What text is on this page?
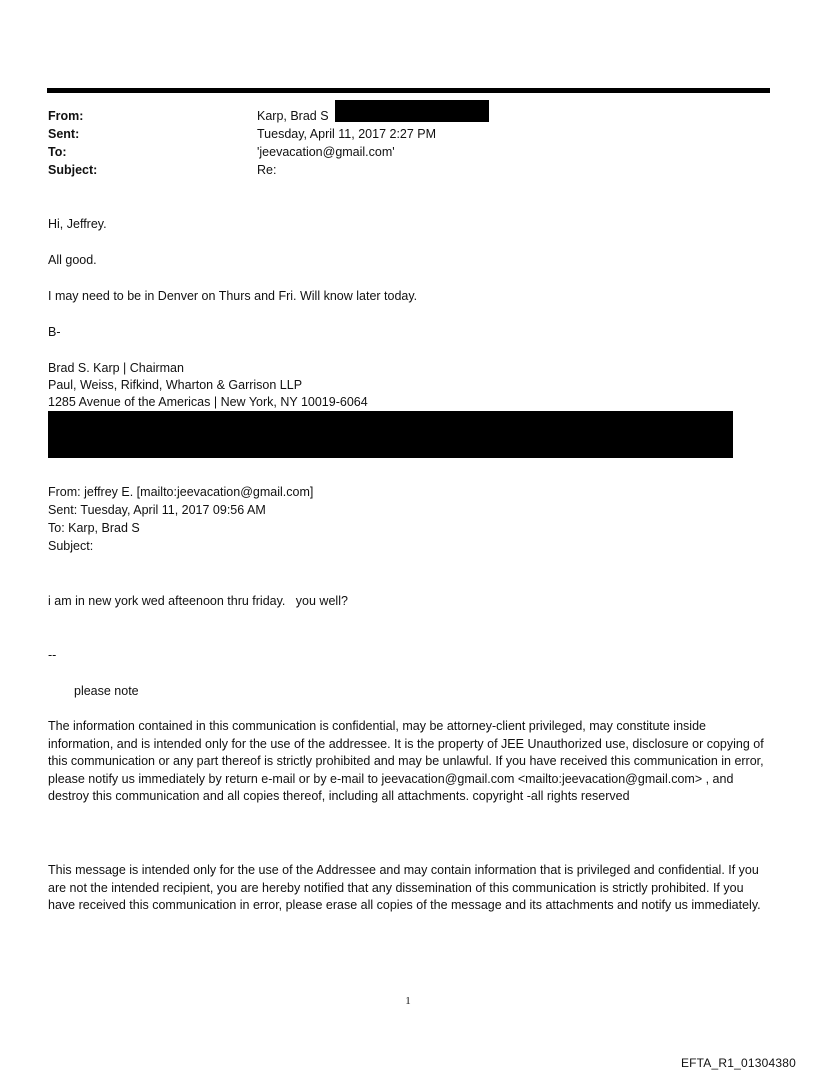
From:	Karp, Brad S
Sent:	Tuesday, April 11, 2017 2:27 PM
To:	'jeevacation@gmail.com'
Subject:	Re:
Hi, Jeffrey.
All good.
I may need to be in Denver on Thurs and Fri. Will know later today.
B-
Brad S. Karp | Chairman
Paul, Weiss, Rifkind, Wharton & Garrison LLP
1285 Avenue of the Americas | New York, NY 10019-6064
From: jeffrey E. [mailto:jeevacation@gmail.com]
Sent: Tuesday, April 11, 2017 09:56 AM
To: Karp, Brad S
Subject:
i am in new york wed afteenoon thru friday.   you well?
--
please note
The information contained in this communication is confidential, may be attorney-client privileged, may constitute inside information, and is intended only for the use of the addressee. It is the property of JEE Unauthorized use, disclosure or copying of this communication or any part thereof is strictly prohibited and may be unlawful. If you have received this communication in error, please notify us immediately by return e-mail or by e-mail to jeevacation@gmail.com <mailto:jeevacation@gmail.com> , and destroy this communication and all copies thereof, including all attachments. copyright -all rights reserved
This message is intended only for the use of the Addressee and may contain information that is privileged and confidential. If you are not the intended recipient, you are hereby notified that any dissemination of this communication is strictly prohibited. If you have received this communication in error, please erase all copies of the message and its attachments and notify us immediately.
1
EFTA_R1_01304380
